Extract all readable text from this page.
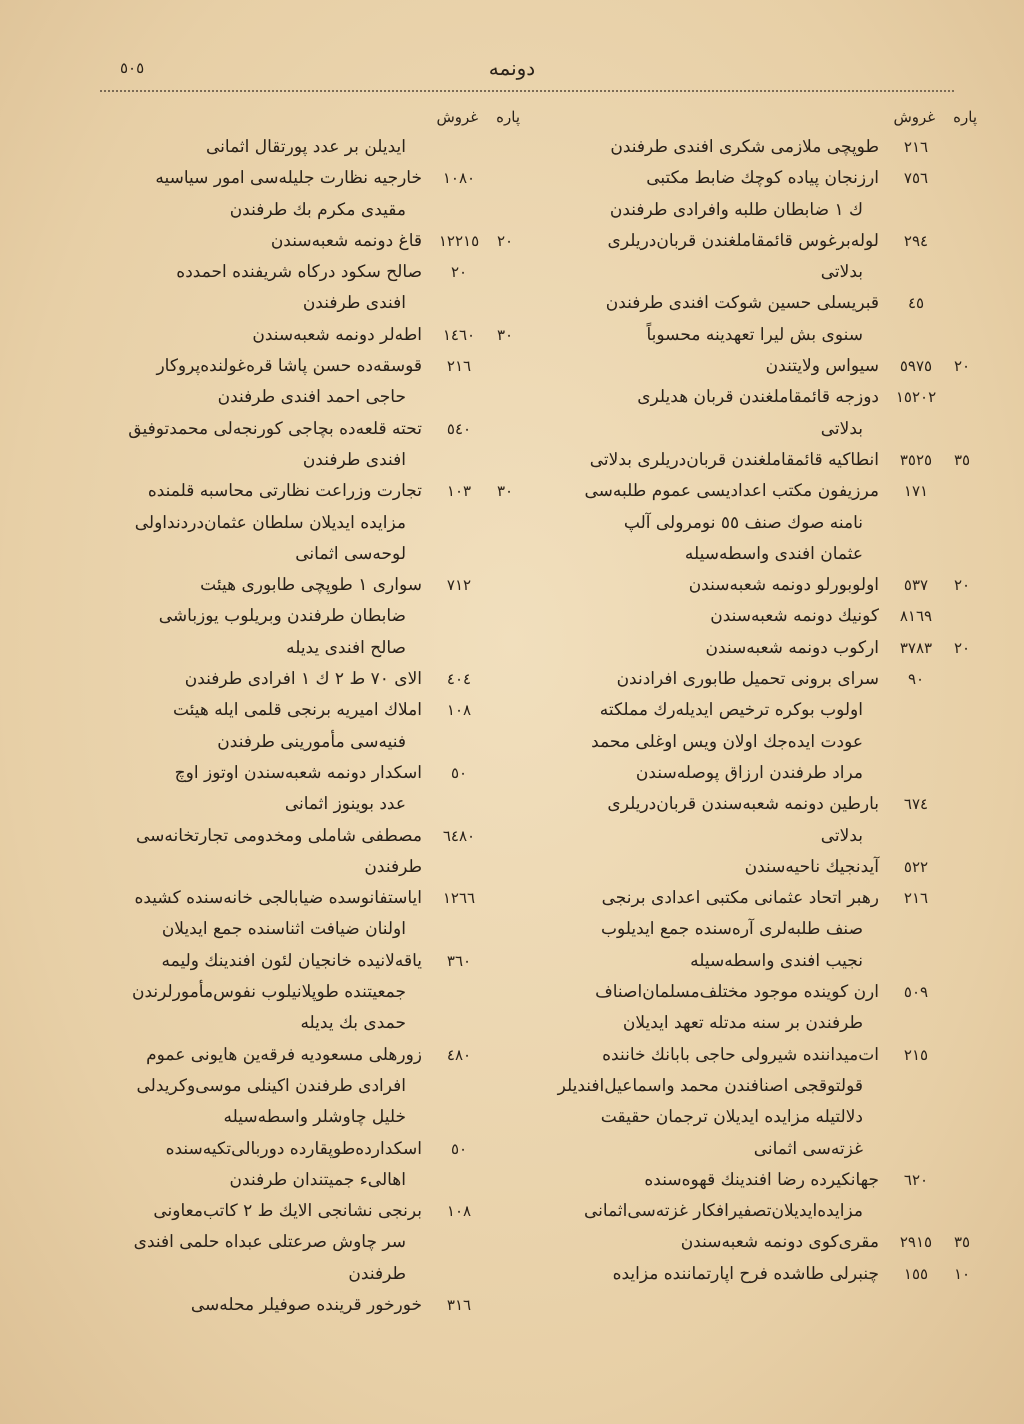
٥٠٥	دونمه
پاره
غروش
٢١٦
طوپچی ملازمی شکری افندی طرفندن
٧٥٦
ارزنجان پیاده کوچك ضابط مکتبی
ك ١ ضابطان طلبه وافرادی طرفندن
٢٩٤
لوله‌برغوس قائمقاملغندن قربان‌دریلری
بدلاتی
٤٥
قبریسلی حسین شوکت افندی طرفندن
سنوی بش لیرا تعهدینه محسوباً
٢٠
٥٩٧٥
سیواس ولایتندن
١٥٢٠٢
دوزجه قائمقاملغندن قربان هدیلری
بدلاتی
٣٥
٣٥٢٥
انطاکیه قائمقاملغندن قربان‌دریلری بدلاتی
١٧١
مرزیفون مکتب اعدادیسی عموم طلبه‌سی
نامنه صوك صنف ٥٥ نومرولی آلپ
عثمان افندی واسطه‌سیله
٢٠
٥٣٧
اولوبورلو دونمه شعبه‌سندن
٨١٦٩
کونیك دونمه شعبه‌سندن
٢٠
٣٧٨٣
ارکوب دونمه شعبه‌سندن
٩٠
سرای برونی تحمیل طابوری افرادندن
اولوب بوکره ترخیص ایدیله‌رك مملکته
عودت ایده‌جك اولان ویس اوغلی محمد
مراد طرفندن ارزاق پوصله‌سندن
٦٧٤
بارطین دونمه شعبه‌سندن قربان‌دریلری
بدلاتی
٥٢٢
آیدنجیك ناحیه‌سندن
٢١٦
رهبر اتحاد عثمانی مکتبی اعدادی برنجی
صنف طلبه‌لری آره‌سنده جمع ایدیلوب
نجیب افندی واسطه‌سیله
٥٠٩
ارن کوینده موجود مختلف‌مسلمان‌اصناف
طرفندن بر سنه مدتله تعهد ایدیلان
٢١٥
ات‌میداننده شیرولی حاجی بابانك خاننده
قولتوقجی اصنافندن محمد واسماعیل‌افندیلر
دلالتیله مزایده ایدیلان ترجمان حقیقت
غزته‌سی اثمانی
٦٢٠
جهانکیرده رضا افندینك قهوه‌سنده
مزایده‌ایدیلان‌تصفیرافکار غزته‌سی‌اثمانی
٣٥
٢٩١٥
مقری‌کوی دونمه شعبه‌سندن
١٠
١٥٥
چنبرلی طاشده فرح اپارتماننده مزایده
پاره
غروش
ایدیلن بر عدد پورتقال اثمانی
١٠٨٠
خارجیه نظارت جلیله‌سی امور سیاسیه
مقیدی مکرم بك طرفندن
٢٠
١٢٢١٥
قاغ دونمه شعبه‌سندن
٢٠
صالح سکود درکاه شریفنده احمدده
افندی طرفندن
٣٠
١٤٦٠
اطه‌لر دونمه شعبه‌سندن
٢١٦
قوسقه‌ده حسن پاشا قره‌غولنده‌پروکار
حاجی احمد افندی طرفندن
٥٤٠
تحته قلعه‌ده بچاجی کورنجه‌لی محمدتوفیق
افندی طرفندن
٣٠
١٠٣
تجارت وزراعت نظارتی محاسبه قلمنده
مزایده ایدیلان سلطان عثمان‌در‌دنداولی
لوحه‌سی اثمانی
٧١٢
سواری ١ طوپچی طابوری هیئت
ضابطان طرفندن وبریلوب یوزباشی
صالح افندی یدیله
٤٠٤
الای ٧٠ ط ٢ ك ١ افرادی طرفندن
١٠٨
املاك امیریه برنجی قلمی ایله هیئت
فنیه‌سی مأمورینی طرفندن
٥٠
اسکدار دونمه شعبه‌سندن اوتوز اوچ
عدد بوینوز اثمانی
٦٤٨٠
مصطفی شاملی ومخدومی تجارتخانه‌سی طرفندن
١٢٦٦
ایاستفانوسده ضیابالجی خانه‌سنده کشیده
اولنان ضیافت اثناسنده جمع ایدیلان
٣٦٠
یاقه‌لانیده خانجیان لئون افندینك ولیمه
جمعیتنده طوپلانیلوب نفوس‌مأمورلرندن
حمدی بك یدیله
٤٨٠
زورهلی مسعودیه فرقه‌ین هایونی عموم
افرادی طرفندن اکینلی موسی‌وکریدلی
خلیل چاوشلر واسطه‌سیله
٥٠
اسکدارده‌طوپقارده دوربالی‌تکیه‌سنده
اهالیء جمیتندان طرفندن
١٠٨
برنجی نشانجی الایك ط ٢ کاتب‌معاونی
سر چاوش صرعتلی عبداه حلمی افندی
طرفندن
٣١٦
خورخور قرینده صوفیلر محله‌سی
